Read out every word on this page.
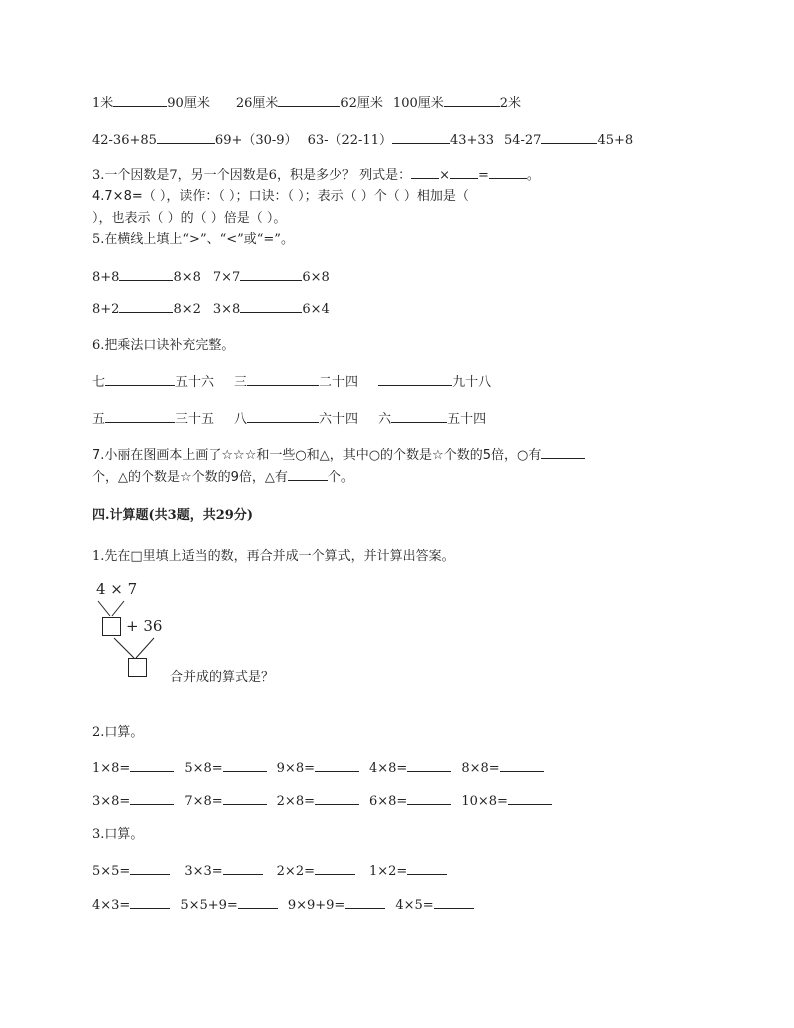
1米	90厘米 26厘米	62厘米 100厘米	2米
42-36+85	69+（30-9） 63-（22-11）	43+33 54-27	45+8
3.一个因数是7，另一个因数是6，积是多少？ 列式是： × =	。
4.7×8=（ ），读作：（ ）；口诀：（ ）；表示（ ）个（ ）相加是（
），也表示（ ）的（ ）倍是（ ）。
5.在横线上填上“>”、“<”或“=”。
8+8	8×8 7×7	6×8
8+2	8×2 3×8	6×4
6.把乘法口诀补充完整。
七	五十六 三	二十四	九十八
五	三十五 八	六十四 六	五十四
7.小丽在图画本上画了☆☆☆和一些○和△，其中○的个数是☆个数的5倍，○有
个，△的个数是☆个数的9倍，△有	个。
四.计算题(共3题，共29分)
1.先在□里填上适当的数，再合并成一个算式，并计算出答案。
4 × 7
+ 36
合并成的算式是？
2.口算。
1×8=	5×8=	9×8=	4×8=	8×8=
3×8=	7×8=	2×8=	6×8=	10×8=
3.口算。
5×5=	3×3=	2×2=	1×2=
4×3=	5×5+9=	9×9+9=	4×5=
